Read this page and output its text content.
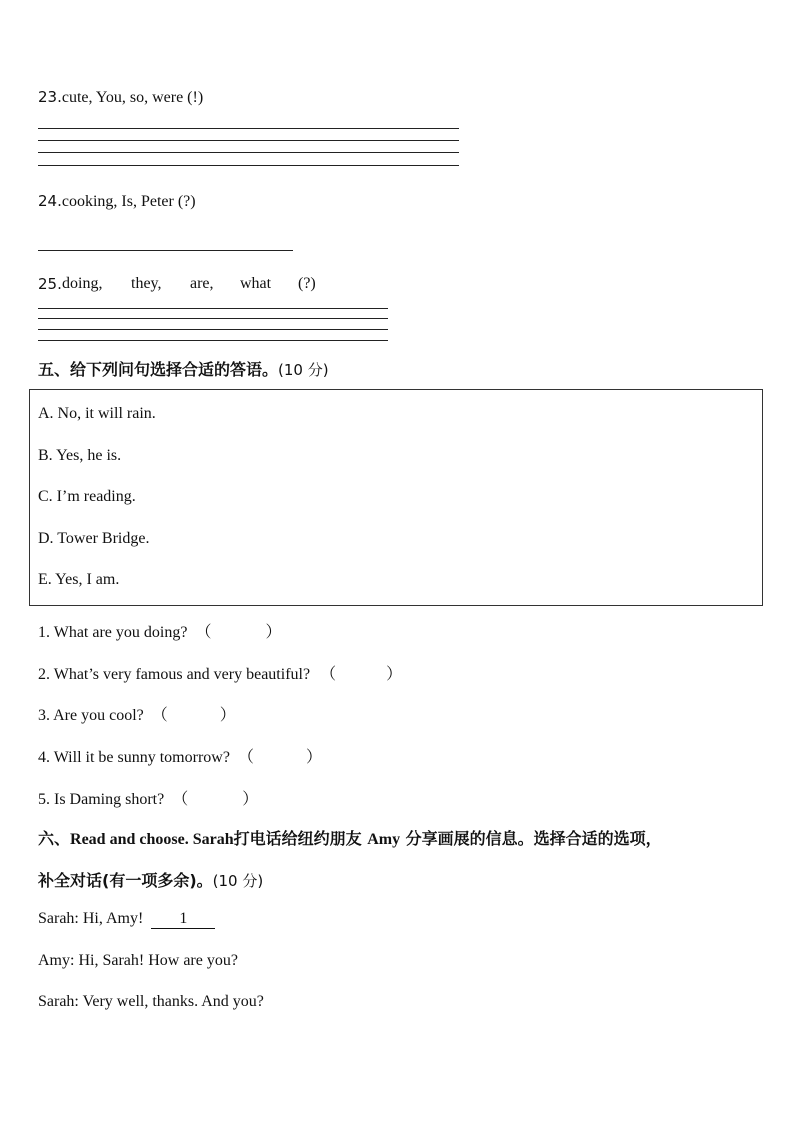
23.cute, You, so, were (!)
24.cooking, Is, Peter (?)
25. doing, they, are, what (?)
五、给下列问句选择合适的答语。(10 分)
A. No, it will rain.
B. Yes, he is.
C. I’m reading.
D. Tower Bridge.
E. Yes, I am.
1. What are you doing? （	）
2. What’s very famous and very beautiful? （	）
3. Are you cool? （	）
4. Will it be sunny tomorrow? （	）
5. Is Daming short? （	）
六、Read and choose. Sarah打电话给纽约朋友 Amy 分享画展的信息。选择合适的选项，
补全对话(有一项多余)。(10 分)
Sarah: Hi, Amy! 1
Amy: Hi, Sarah! How are you?
Sarah: Very well, thanks. And you?
